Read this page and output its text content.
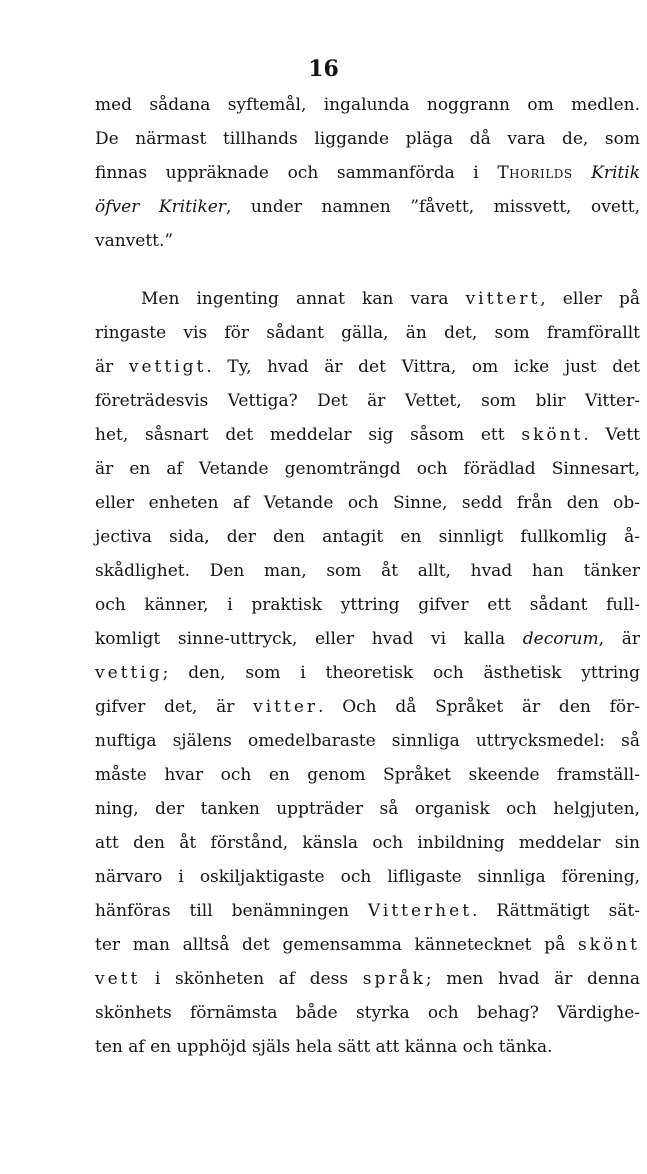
16
med sådana syftemål, ingalunda noggrann om medlen.
De närmast tillhands liggande pläga då vara de, som
finnas uppräknade och sammanförda i Thorilds Kritik
öfver Kritiker, under namnen ”fåvett, missvett, ovett,
vanvett.”
Men ingenting annat kan vara vittert, eller på
ringaste vis för sådant gälla, än det, som framförallt
är vettigt. Ty, hvad är det Vittra, om icke just det
företrädesvis Vettiga? Det är Vettet, som blir Vitter-
het, såsnart det meddelar sig såsom ett skönt. Vett
är en af Vetande genomträngd och förädlad Sinnesart,
eller enheten af Vetande och Sinne, sedd från den ob-
jectiva sida, der den antagit en sinnligt fullkomlig å-
skådlighet. Den man, som åt allt, hvad han tänker
och känner, i praktisk yttring gifver ett sådant full-
komligt sinne-uttryck, eller hvad vi kalla decorum, är
vettig; den, som i theoretisk och ästhetisk yttring
gifver det, är vitter. Och då Språket är den för-
nuftiga själens omedelbaraste sinnliga uttrycksmedel: så
måste hvar och en genom Språket skeende framställ-
ning, der tanken uppträder så organisk och helgjuten,
att den åt förstånd, känsla och inbildning meddelar sin
närvaro i oskiljaktigaste och lifligaste sinnliga förening,
hänföras till benämningen Vitterhet. Rättmätigt sät-
ter man alltså det gemensamma kännetecknet på skönt
vett i skönheten af dess språk; men hvad är denna
skönhets förnämsta både styrka och behag? Värdighe-
ten af en upphöjd själs hela sätt att känna och tänka.
